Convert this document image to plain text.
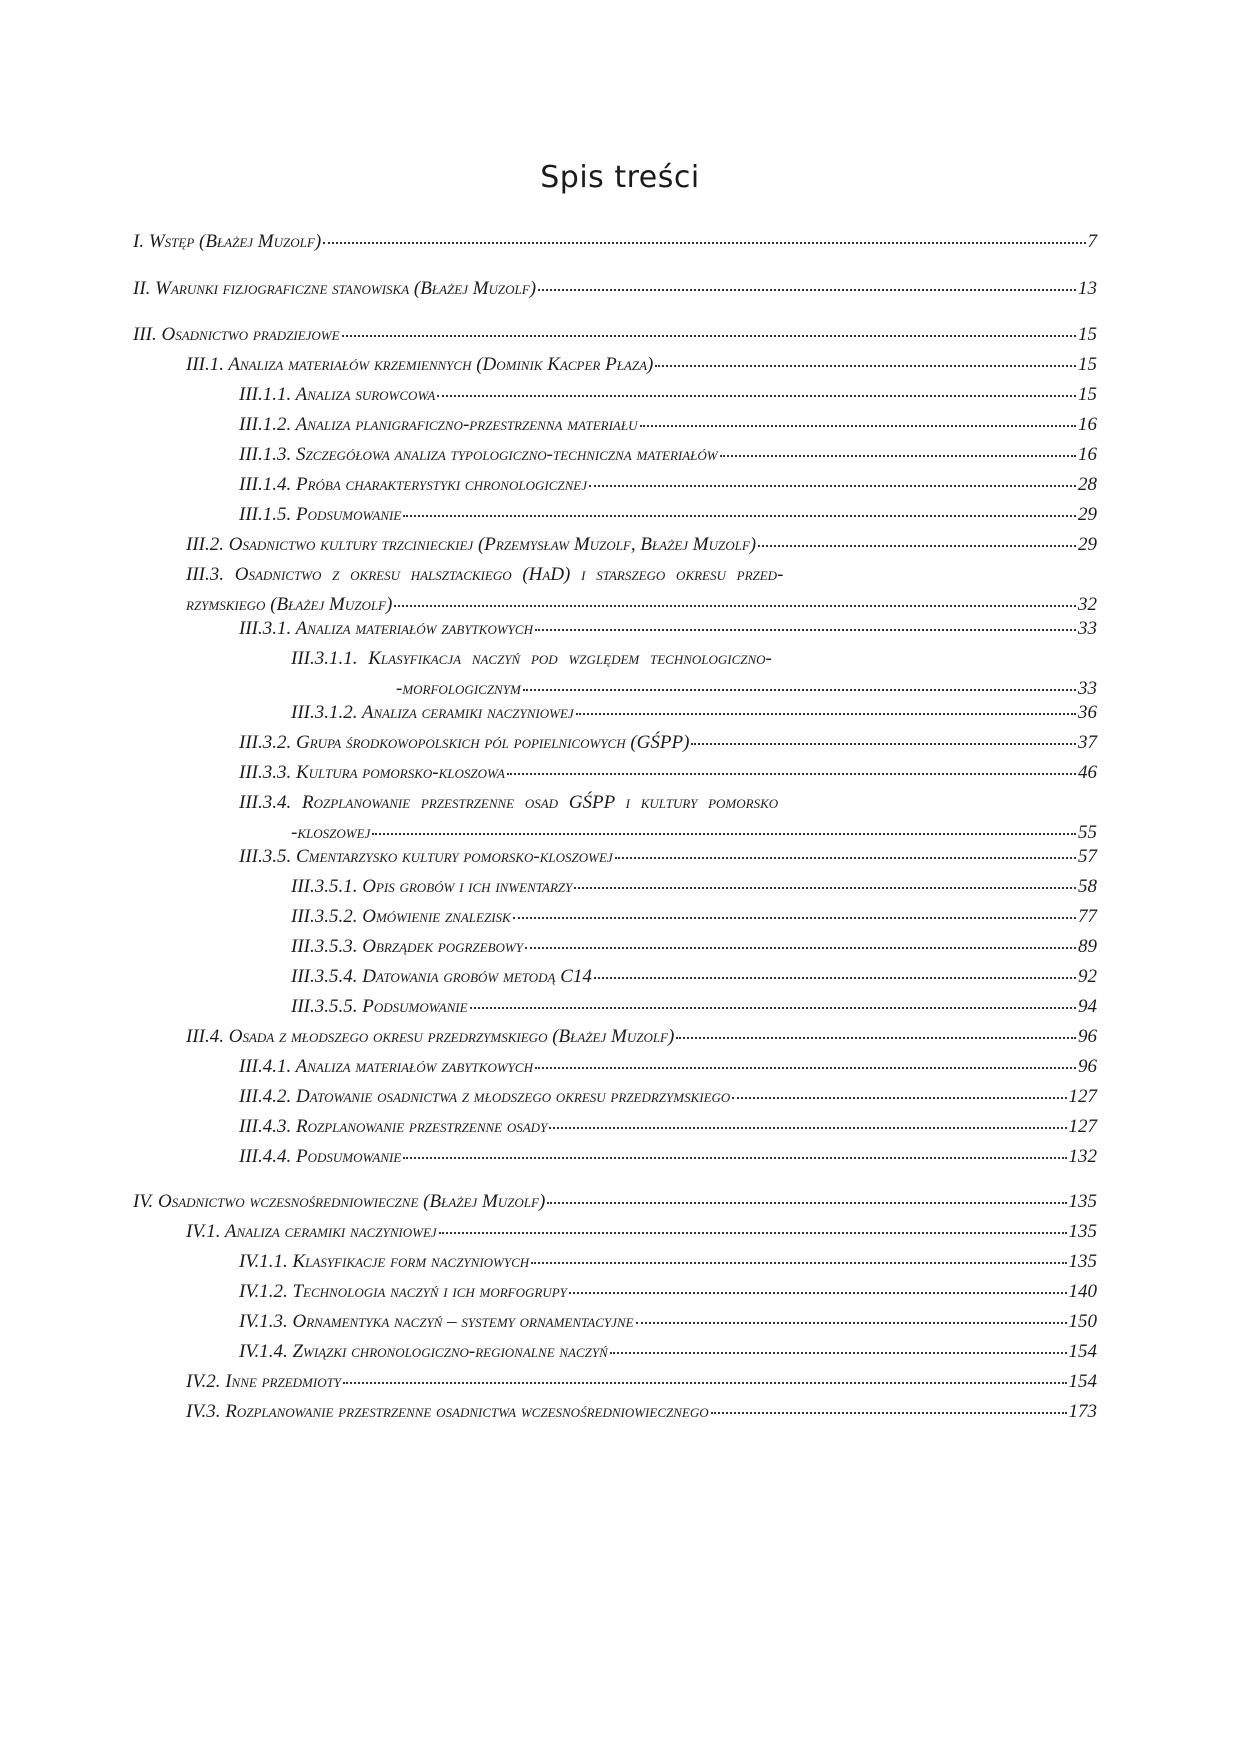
Spis treści
I. Wstęp (Błażej Muzolf)	7
II. Warunki fizjograficzne stanowiska (Błażej Muzolf)	13
III. Osadnictwo pradziejowe	15
III.1. Analiza materiałów krzemiennych (Dominik Kacper Płaza)	15
III.1.1. Analiza surowcowa	15
III.1.2. Analiza planigraficzno-przestrzenna materiału	16
III.1.3. Szczegółowa analiza typologiczno-techniczna materiałów	16
III.1.4. Próba charakterystyki chronologicznej	28
III.1.5. Podsumowanie	29
III.2. Osadnictwo kultury trzcinieckiej (Przemysław Muzolf, Błażej Muzolf)	29
III.3. Osadnictwo z okresu halsztackiego (HaD) i starszego okresu przed-
rzymskiego (Błażej Muzolf)	32
III.3.1. Analiza materiałów zabytkowych	33
III.3.1.1. Klasyfikacja naczyń pod względem technologiczno-
-morfologicznym	33
III.3.1.2. Analiza ceramiki naczyniowej	36
III.3.2. Grupa środkowopolskich pól popielnicowych (GŚPP)	37
III.3.3. Kultura pomorsko-kloszowa	46
III.3.4. Rozplanowanie przestrzenne osad GŚPP i kultury pomorsko
-kloszowej	55
III.3.5. Cmentarzysko kultury pomorsko-kloszowej	57
III.3.5.1. Opis grobów i ich inwentarzy	58
III.3.5.2. Omówienie znalezisk	77
III.3.5.3. Obrządek pogrzebowy	89
III.3.5.4. Datowania grobów metodą C14	92
III.3.5.5. Podsumowanie	94
III.4. Osada z młodszego okresu przedrzymskiego (Błażej Muzolf)	96
III.4.1. Analiza materiałów zabytkowych	96
III.4.2. Datowanie osadnictwa z młodszego okresu przedrzymskiego	127
III.4.3. Rozplanowanie przestrzenne osady	127
III.4.4. Podsumowanie	132
IV. Osadnictwo wczesnośredniowieczne (Błażej Muzolf)	135
IV.1. Analiza ceramiki naczyniowej	135
IV.1.1. Klasyfikacje form naczyniowych	135
IV.1.2. Technologia naczyń i ich morfogrupy	140
IV.1.3. Ornamentyka naczyń – systemy ornamentacyjne	150
IV.1.4. Związki chronologiczno-regionalne naczyń	154
IV.2. Inne przedmioty	154
IV.3. Rozplanowanie przestrzenne osadnictwa wczesnośredniowiecznego	173
